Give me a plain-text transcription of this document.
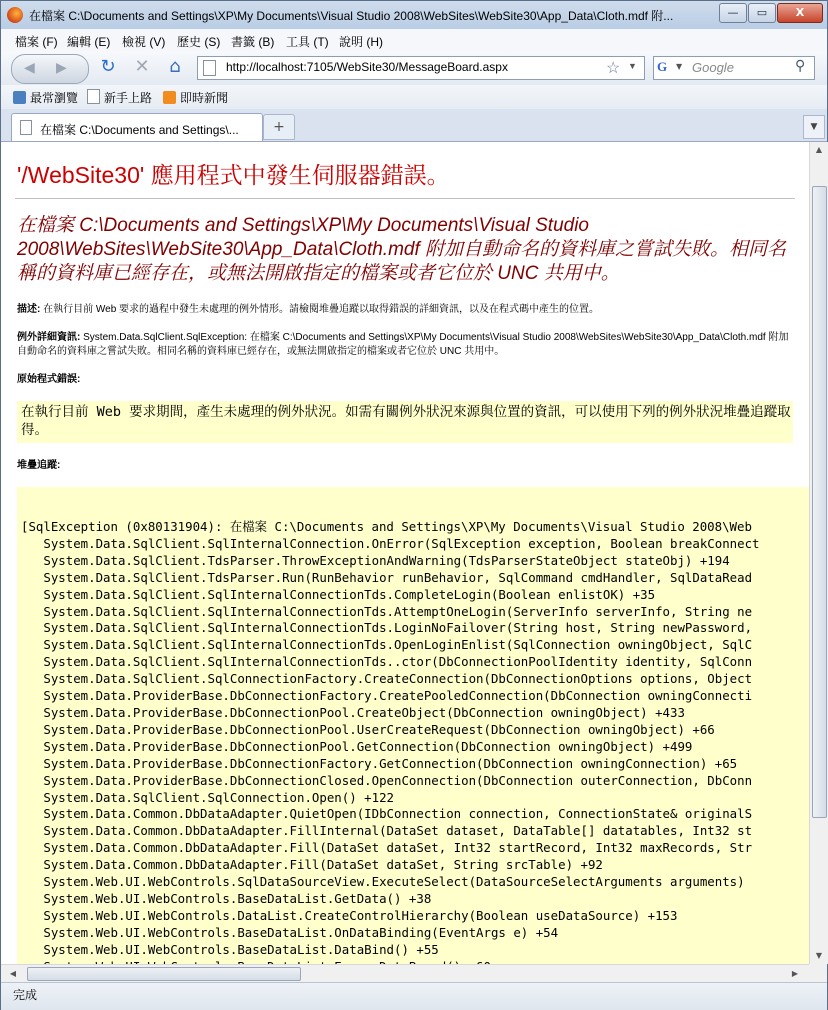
在檔案 C:\Documents and Settings\XP\My Documents\Visual Studio 2008\WebSites\WebSite30\App_Data\Cloth.mdf 附...	—	▭	X
檔案 (F) 編輯 (E) 檢視 (V) 歷史 (S) 書籤 (B) 工具 (T) 說明 (H)
◀ ▶ ↻ ✕ ⌂	http://localhost:7105/WebSite30/MessageBoard.aspx	☆ ▼ G	▼ Google	⚲
最常瀏覽	新手上路	即時新聞
在檔案 C:\Documents and Settings\...	+	▼
'/WebSite30' 應用程式中發生伺服器錯誤。
在檔案 C:\Documents and Settings\XP\My Documents\Visual Studio 2008\WebSites\WebSite30\App_Data\Cloth.mdf 附加自動命名的資料庫之嘗試失敗。相同名稱的資料庫已經存在，或無法開啟指定的檔案或者它位於 UNC 共用中。
描述: 在執行目前 Web 要求的過程中發生未處理的例外情形。請檢閱堆疊追蹤以取得錯誤的詳細資訊，以及在程式碼中產生的位置。
例外詳細資訊: System.Data.SqlClient.SqlException: 在檔案 C:\Documents and Settings\XP\My Documents\Visual Studio 2008\WebSites\WebSite30\App_Data\Cloth.mdf 附加自動命名的資料庫之嘗試失敗。相同名稱的資料庫已經存在，或無法開啟指定的檔案或者它位於 UNC 共用中。
原始程式錯誤:
在執行目前 Web 要求期間，產生未處理的例外狀況。如需有關例外狀況來源與位置的資訊，可以使用下列的例外狀況堆疊追蹤取得。
堆疊追蹤:
[SqlException (0x80131904): 在檔案 C:\Documents and Settings\XP\My Documents\Visual Studio 2008\Web
System.Data.SqlClient.SqlInternalConnection.OnError(SqlException exception, Boolean breakConnect
System.Data.SqlClient.TdsParser.ThrowExceptionAndWarning(TdsParserStateObject stateObj) +194
System.Data.SqlClient.TdsParser.Run(RunBehavior runBehavior, SqlCommand cmdHandler, SqlDataRead
System.Data.SqlClient.SqlInternalConnectionTds.CompleteLogin(Boolean enlistOK) +35
System.Data.SqlClient.SqlInternalConnectionTds.AttemptOneLogin(ServerInfo serverInfo, String ne
System.Data.SqlClient.SqlInternalConnectionTds.LoginNoFailover(String host, String newPassword,
System.Data.SqlClient.SqlInternalConnectionTds.OpenLoginEnlist(SqlConnection owningObject, SqlC
System.Data.SqlClient.SqlInternalConnectionTds..ctor(DbConnectionPoolIdentity identity, SqlConn
System.Data.SqlClient.SqlConnectionFactory.CreateConnection(DbConnectionOptions options, Object
System.Data.ProviderBase.DbConnectionFactory.CreatePooledConnection(DbConnection owningConnecti
System.Data.ProviderBase.DbConnectionPool.CreateObject(DbConnection owningObject) +433
System.Data.ProviderBase.DbConnectionPool.UserCreateRequest(DbConnection owningObject) +66
System.Data.ProviderBase.DbConnectionPool.GetConnection(DbConnection owningObject) +499
System.Data.ProviderBase.DbConnectionFactory.GetConnection(DbConnection owningConnection) +65
System.Data.ProviderBase.DbConnectionClosed.OpenConnection(DbConnection outerConnection, DbConn
System.Data.SqlClient.SqlConnection.Open() +122
System.Data.Common.DbDataAdapter.QuietOpen(IDbConnection connection, ConnectionState& originalS
System.Data.Common.DbDataAdapter.FillInternal(DataSet dataset, DataTable[] datatables, Int32 st
System.Data.Common.DbDataAdapter.Fill(DataSet dataSet, Int32 startRecord, Int32 maxRecords, Str
System.Data.Common.DbDataAdapter.Fill(DataSet dataSet, String srcTable) +92
System.Web.UI.WebControls.SqlDataSourceView.ExecuteSelect(DataSourceSelectArguments arguments)
System.Web.UI.WebControls.BaseDataList.GetData() +38
System.Web.UI.WebControls.DataList.CreateControlHierarchy(Boolean useDataSource) +153
System.Web.UI.WebControls.BaseDataList.OnDataBinding(EventArgs e) +54
System.Web.UI.WebControls.BaseDataList.DataBind() +55

▲
▼
◀	▶
完成
